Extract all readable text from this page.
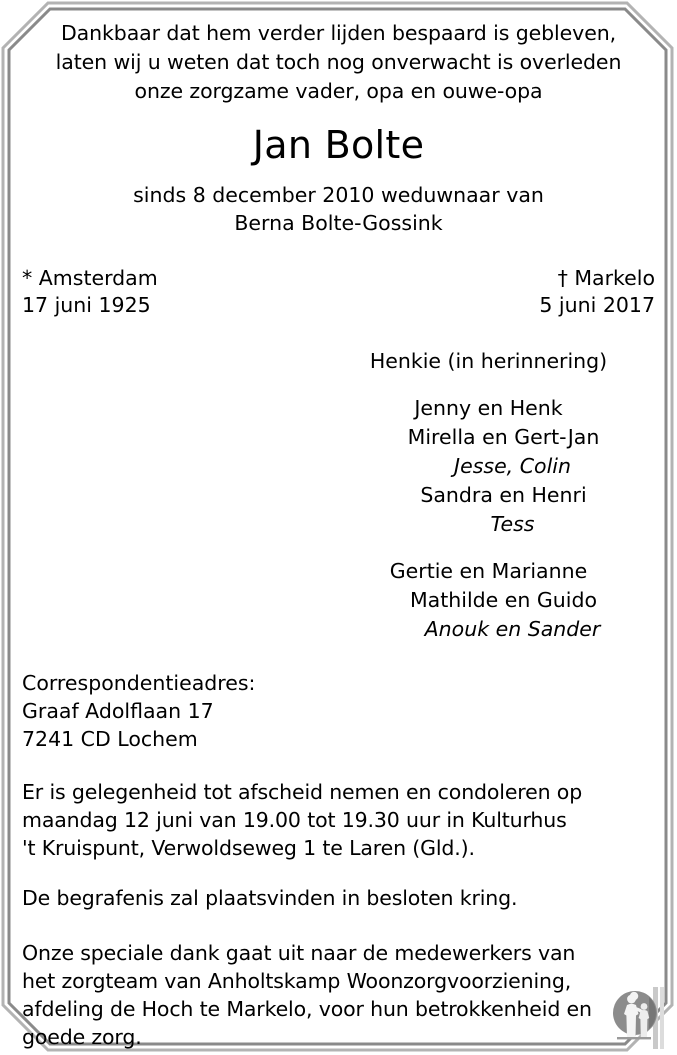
Dankbaar dat hem verder lijden bespaard is gebleven,
laten wij u weten dat toch nog onverwacht is overleden
onze zorgzame vader, opa en ouwe-opa
Jan Bolte
sinds 8 december 2010 weduwnaar van
Berna Bolte-Gossink
* Amsterdam
17 juni 1925
† Markelo
5 juni 2017
Henkie (in herinnering)
Jenny en Henk
Mirella en Gert-Jan
Jesse, Colin
Sandra en Henri
Tess
Gertie en Marianne
Mathilde en Guido
Anouk en Sander
Correspondentieadres:
Graaf Adolflaan 17
7241 CD Lochem

Er is gelegenheid tot afscheid nemen en condoleren op
maandag 12 juni van 19.00 tot 19.30 uur in Kulturhus
't Kruispunt, Verwoldseweg 1 te Laren (Gld.).

De begrafenis zal plaatsvinden in besloten kring.

Onze speciale dank gaat uit naar de medewerkers van
het zorgteam van Anholtskamp Woonzorgvoorziening,
afdeling de Hoch te Markelo, voor hun betrokkenheid en
goede zorg.
